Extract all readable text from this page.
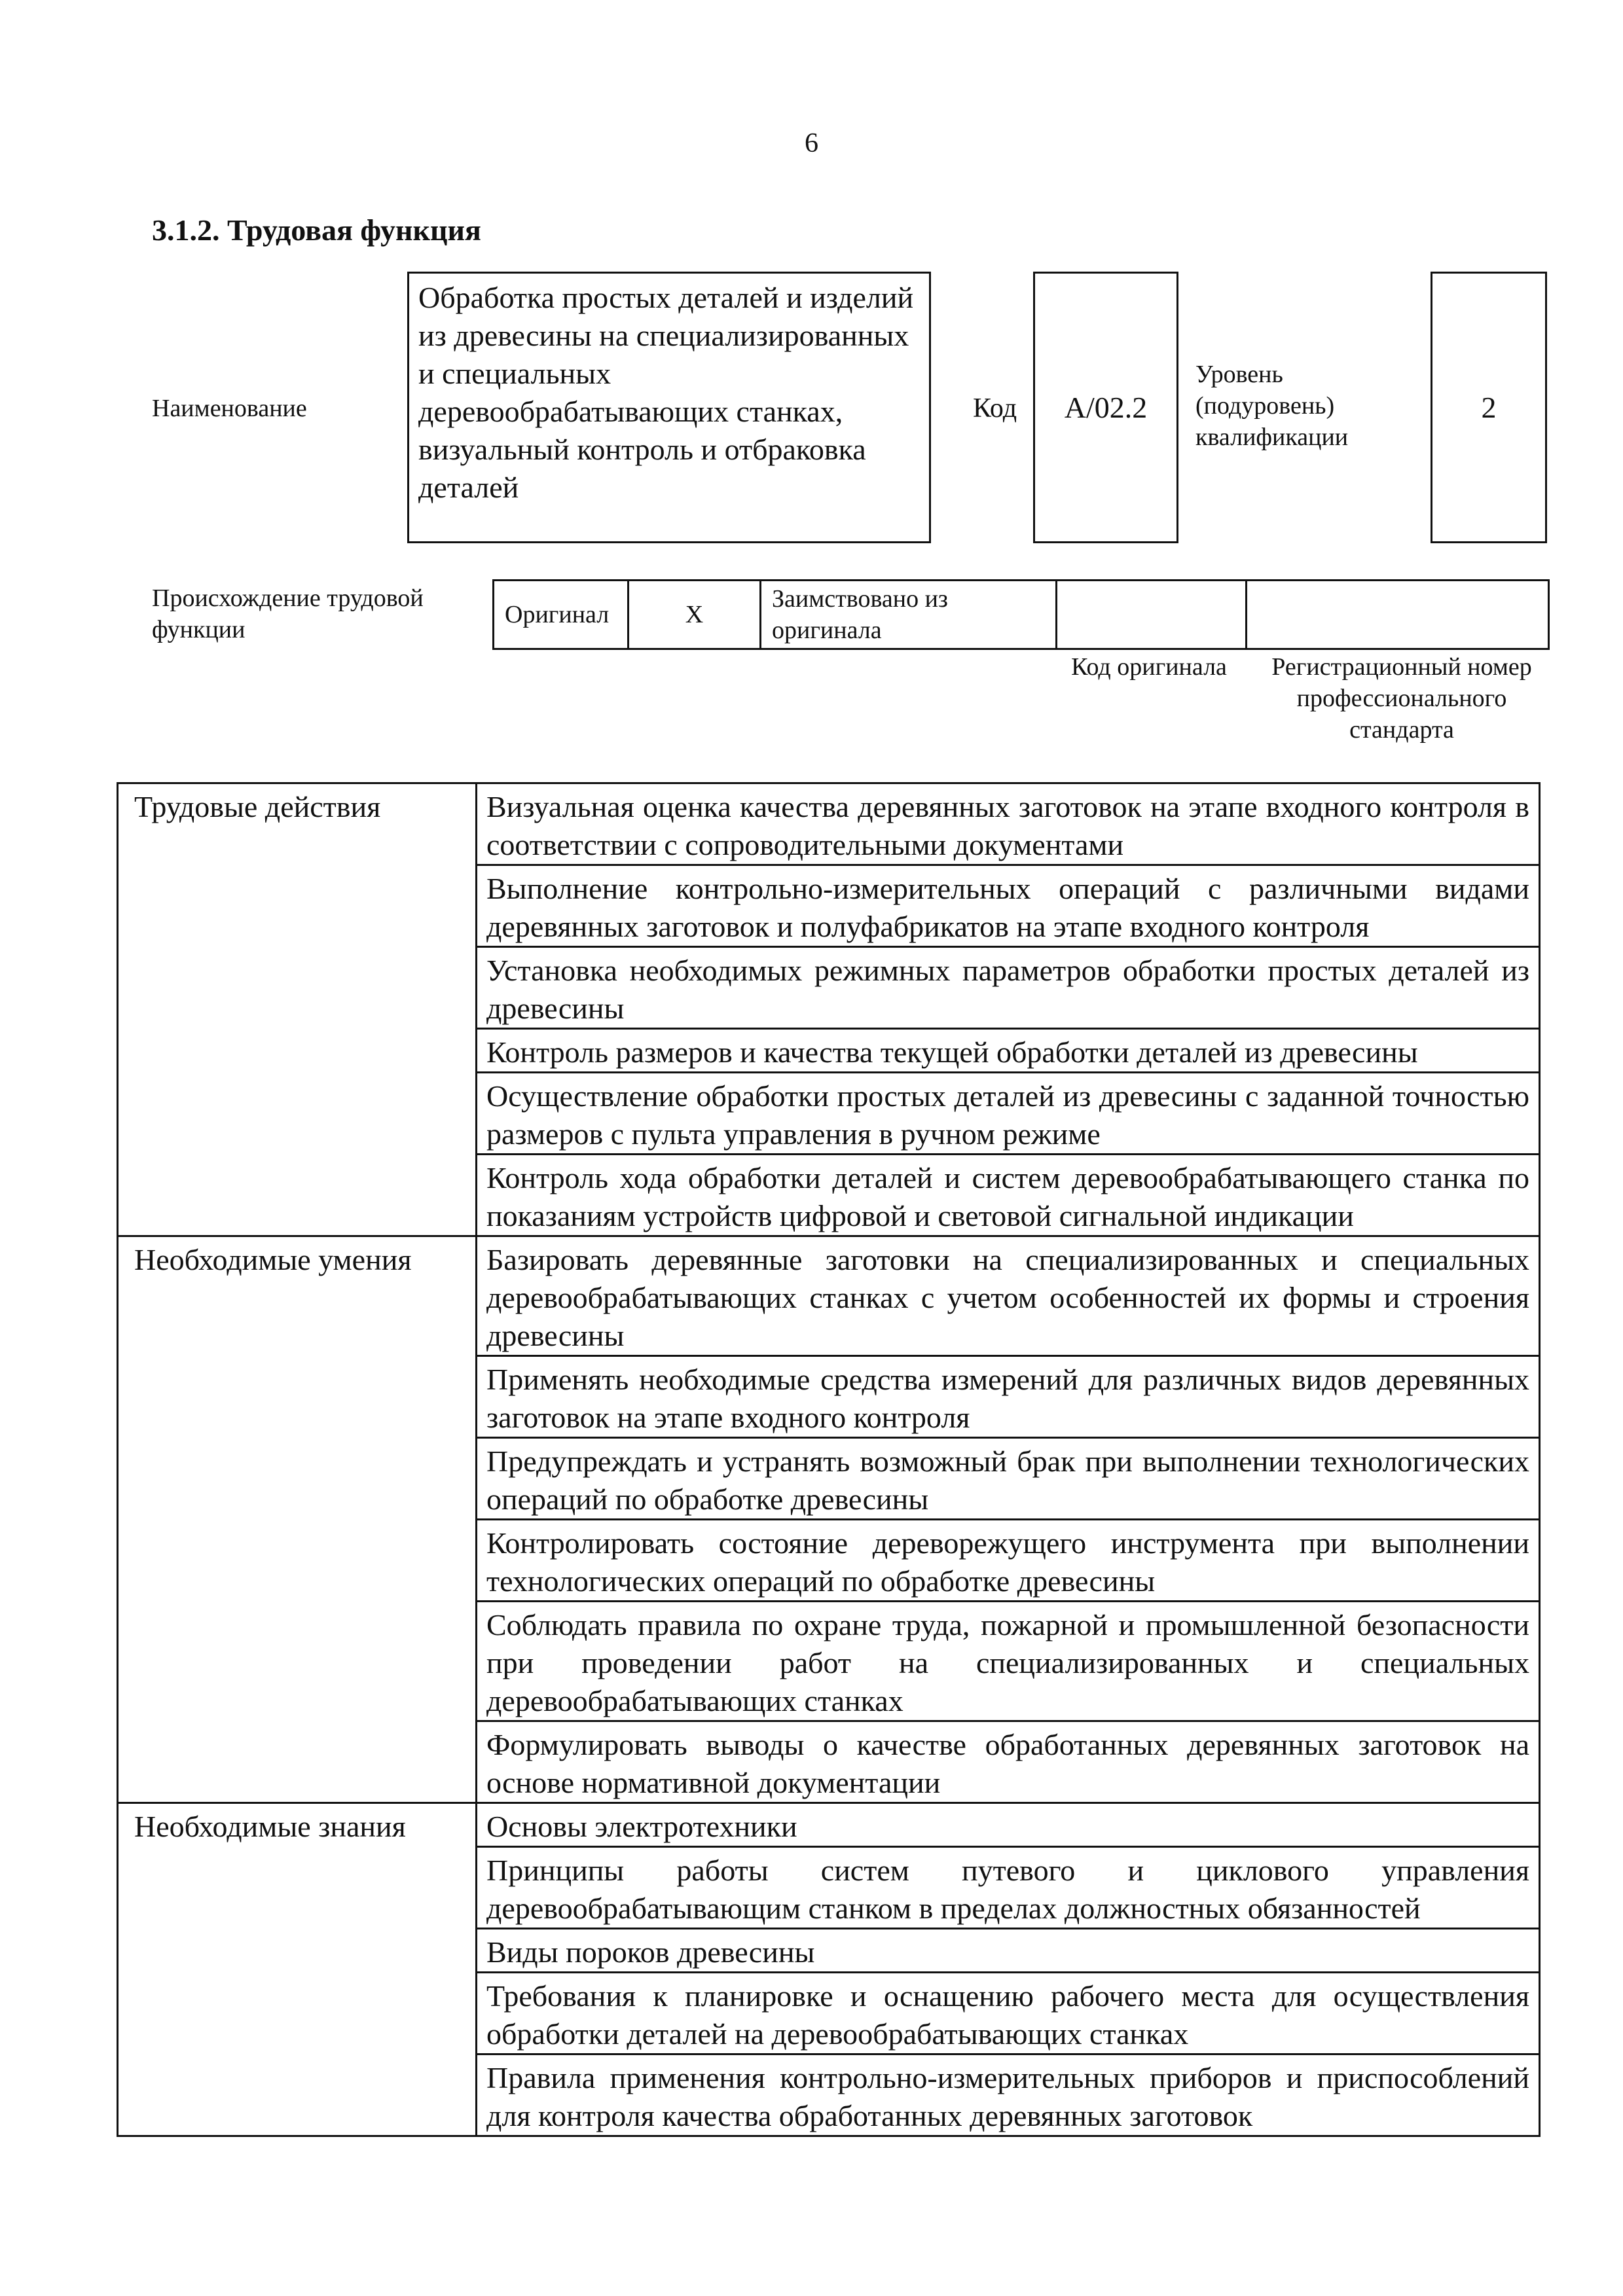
6
3.1.2. Трудовая функция
Наименование
Обработка простых деталей и изделий из древесины на специализированных и специальных деревообрабатывающих станках, визуальный контроль и отбраковка деталей
Код	А/02.2
Уровень (подуровень) квалификации
2
Происхождение трудовой функции
Оригинал	X	Заимствовано из оригинала		
Код оригинала	Регистрационный номер профессионального стандарта
Трудовые действия	Визуальная оценка качества деревянных заготовок на этапе входного контроля в соответствии с сопроводительными документами
	Выполнение контрольно-измерительных операций с различными видами деревянных заготовок и полуфабрикатов на этапе входного контроля
	Установка необходимых режимных параметров обработки простых деталей из древесины
	Контроль размеров и качества текущей обработки деталей из древесины
	Осуществление обработки простых деталей из древесины с заданной точностью размеров с пульта управления в ручном режиме
	Контроль хода обработки деталей и систем деревообрабатывающего станка по показаниям устройств цифровой и световой сигнальной индикации
Необходимые умения	Базировать деревянные заготовки на специализированных и специальных деревообрабатывающих станках с учетом особенностей их формы и строения древесины
	Применять необходимые средства измерений для различных видов деревянных заготовок на этапе входного контроля
	Предупреждать и устранять возможный брак при выполнении технологических операций по обработке древесины
	Контролировать состояние дереворежущего инструмента при выполнении технологических операций по обработке древесины
	Соблюдать правила по охране труда, пожарной и промышленной безопасности при проведении работ на специализированных и специальных деревообрабатывающих станках
	Формулировать выводы о качестве обработанных деревянных заготовок на основе нормативной документации
Необходимые знания	Основы электротехники
	Принципы работы систем путевого и циклового управления деревообрабатывающим станком в пределах должностных обязанностей
	Виды пороков древесины
	Требования к планировке и оснащению рабочего места для осуществления обработки деталей на деревообрабатывающих станках
	Правила применения контрольно-измерительных приборов и приспособлений для контроля качества обработанных деревянных заготовок
